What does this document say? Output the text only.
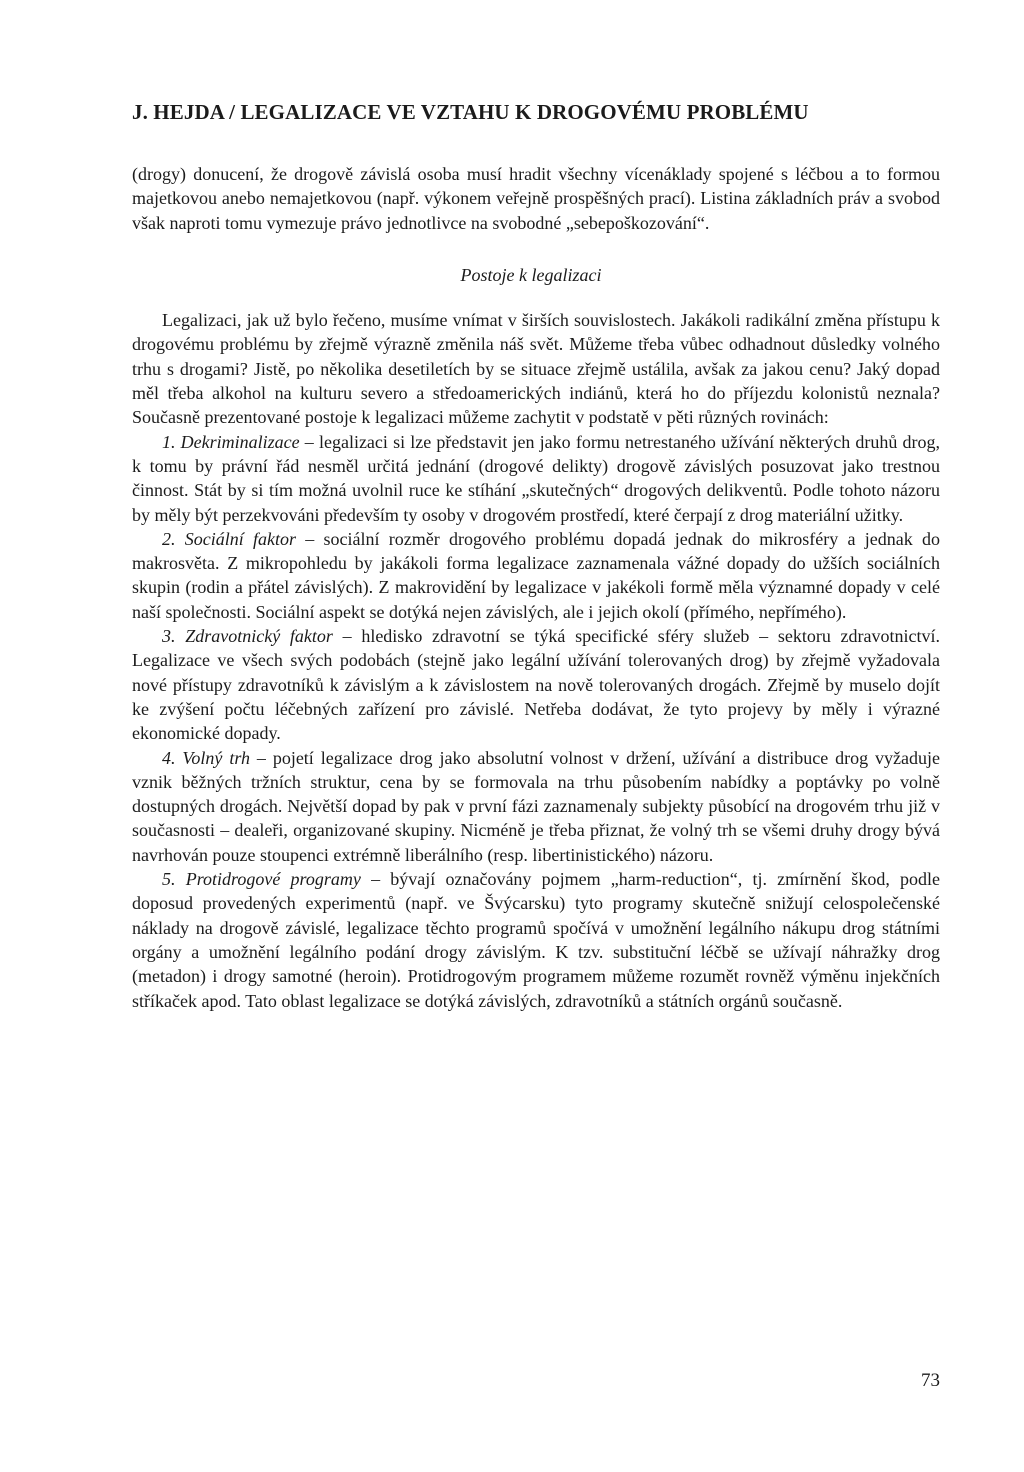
J. HEJDA / LEGALIZACE VE VZTAHU K DROGOVÉMU PROBLÉMU

(drogy) donucení, že drogově závislá osoba musí hradit všechny vícenáklady spojené s léčbou a to formou majetkovou anebo nemajetkovou (např. výkonem veřejně prospěšných prací). Listina základních práv a svobod však naproti tomu vymezuje právo jednotlivce na svobodné „sebepoškozování“.

Postoje k legalizaci

Legalizaci, jak už bylo řečeno, musíme vnímat v širších souvislostech. Jakákoli radikální změna přístupu k drogovému problému by zřejmě výrazně změnila náš svět. Můžeme třeba vůbec odhadnout důsledky volného trhu s drogami? Jistě, po několika desetiletích by se situace zřejmě ustálila, avšak za jakou cenu? Jaký dopad měl třeba alkohol na kulturu severo a středoamerických indiánů, která ho do příjezdu kolonistů neznala? Současně prezentované postoje k legalizaci můžeme zachytit v podstatě v pěti různých rovinách:

1. Dekriminalizace – legalizaci si lze představit jen jako formu netrestaného užívání některých druhů drog, k tomu by právní řád nesměl určitá jednání (drogové delikty) drogově závislých posuzovat jako trestnou činnost. Stát by si tím možná uvolnil ruce ke stíhání „skutečných“ drogových delikventů. Podle tohoto názoru by měly být perzekvováni především ty osoby v drogovém prostředí, které čerpají z drog materiální užitky.

2. Sociální faktor – sociální rozměr drogového problému dopadá jednak do mikrosféry a jednak do makrosvěta. Z mikropohledu by jakákoli forma legalizace zaznamenala vážné dopady do užších sociálních skupin (rodin a přátel závislých). Z makrovidění by legalizace v jakékoli formě měla významné dopady v celé naší společnosti. Sociální aspekt se dotýká nejen závislých, ale i jejich okolí (přímého, nepřímého).

3. Zdravotnický faktor – hledisko zdravotní se týká specifické sféry služeb – sektoru zdravotnictví. Legalizace ve všech svých podobách (stejně jako legální užívání tolerovaných drog) by zřejmě vyžadovala nové přístupy zdravotníků k závislým a k závislostem na nově tolerovaných drogách. Zřejmě by muselo dojít ke zvýšení počtu léčebných zařízení pro závislé. Netřeba dodávat, že tyto projevy by měly i výrazné ekonomické dopady.

4. Volný trh – pojetí legalizace drog jako absolutní volnost v držení, užívání a distribuce drog vyžaduje vznik běžných tržních struktur, cena by se formovala na trhu působením nabídky a poptávky po volně dostupných drogách. Největší dopad by pak v první fázi zaznamenaly subjekty působící na drogovém trhu již v současnosti – dealeři, organizované skupiny. Nicméně je třeba přiznat, že volný trh se všemi druhy drogy bývá navrhován pouze stoupenci extrémně liberálního (resp. libertinistického) názoru.

5. Protidrogové programy – bývají označovány pojmem „harm-reduction“, tj. zmírnění škod, podle doposud provedených experimentů (např. ve Švýcarsku) tyto programy skutečně snižují celospolečenské náklady na drogově závislé, legalizace těchto programů spočívá v umožnění legálního nákupu drog státními orgány a umožnění legálního podání drogy závislým. K tzv. substituční léčbě se užívají náhražky drog (metadon) i drogy samotné (heroin). Protidrogovým programem můžeme rozumět rovněž výměnu injekčních stříkaček apod. Tato oblast legalizace se dotýká závislých, zdravotníků a státních orgánů současně.

73
